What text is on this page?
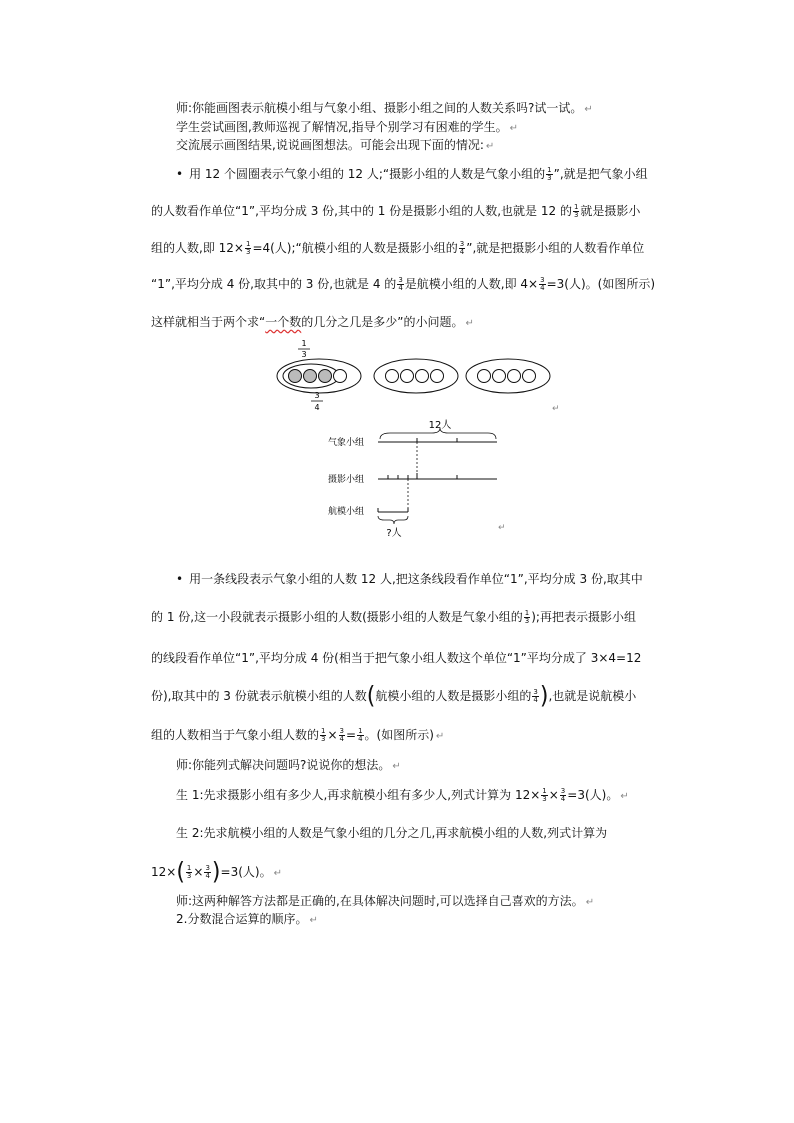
师:你能画图表示航模小组与气象小组、摄影小组之间的人数关系吗?试一试。 ↵
学生尝试画图,教师巡视了解情况,指导个别学习有困难的学生。 ↵
交流展示画图结果,说说画图想法。可能会出现下面的情况: ↵
• 用 12 个圆圈表示气象小组的 12 人;“摄影小组的人数是气象小组的 $\frac{1}{3}$ ”,就是把气象小组
的人数看作单位“1”,平均分成 3 份,其中的 1 份是摄影小组的人数,也就是 12 的 $\frac{1}{3}$ 就是摄影小
组的人数,即 $12\times \frac{1}{3} =4$(人);“航模小组的人数是摄影小组的 $\frac{3}{4}$ ”,就是把摄影小组的人数看作单位
“1”,平均分成 4 份,取其中的 3 份,也就是 4 的 $\frac{3}{4}$ 是航模小组的人数,即 $4\times \frac{3}{4} =3$(人)。(如图所示)
这样就相当于两个求“一个数的几分之几是多少”的小问题。 ↵
1
3
3
4	↵
12人
气象小组
摄影小组
航模小组
?人	↵
• 用一条线段表示气象小组的人数 12 人,把这条线段看作单位“1”,平均分成 3 份,取其中
的 1 份,这一小段就表示摄影小组的人数(摄影小组的人数是气象小组的 $\frac{1}{3}$ );再把表示摄影小组
的线段看作单位“1”,平均分成 4 份(相当于把气象小组人数这个单位“1”平均分成了 3×4=12
份),取其中的 3 份就表示航模小组的人数(航模小组的人数是摄影小组的 $\frac{3}{4}$ ),也就是说航模小
组的人数相当于气象小组人数的 $\frac{1}{3} \times \frac{3}{4} = \frac{1}{4}$ 。(如图所示) ↵
师:你能列式解决问题吗?说说你的想法。 ↵
生 1:先求摄影小组有多少人,再求航模小组有多少人,列式计算为 $12\times \frac{1}{3} \times \frac{3}{4} =3$(人)。 ↵
生 2:先求航模小组的人数是气象小组的几分之几,再求航模小组的人数,列式计算为
$12\times( \frac{1}{3} \times \frac{3}{4} )=3$(人)。 ↵
师:这两种解答方法都是正确的,在具体解决问题时,可以选择自己喜欢的方法。 ↵
2.分数混合运算的顺序。 ↵
